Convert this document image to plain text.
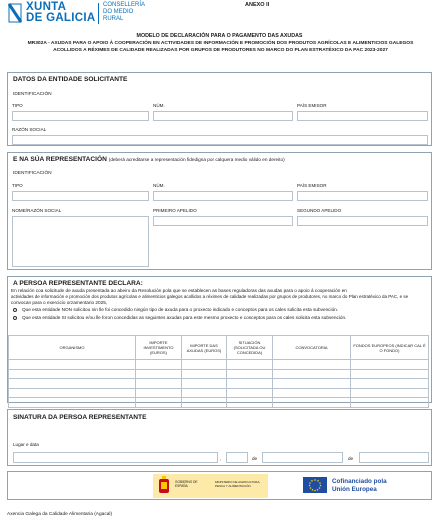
XUNTA
DE GALICIA
CONSELLERÍA
DO MEDIO
RURAL
ANEXO II
MODELO DE DECLARACIÓN PARA O PAGAMENTO DAS AXUDAS
MR302A - AXUDAS PARA O APOIO Á COOPERACIÓN EN ACTIVIDADES DE INFORMACIÓN E PROMOCIÓN DOS PRODUTOS AGRÍCOLAS E ALIMENTICIOS GALEGOS
ACOLLIDOS A RÉXIMES DE CALIDADE REALIZADAS POR GRUPOS DE PRODUTORES NO MARCO DO PLAN ESTRATÉXICO DA PAC 2023-2027
DATOS DA ENTIDADE SOLICITANTE
IDENTIFICACIÓN
TIPO	NÚM.	PAÍS EMISOR
RAZÓN SOCIAL
E NA SÚA REPRESENTACIÓN (deberá acreditarse a representación fidedigna por calquera medio válido en dereito)
IDENTIFICACIÓN
TIPO	NÚM.	PAÍS EMISOR
NOME/RAZÓN SOCIAL	PRIMEIRO APELIDO	SEGUNDO APELIDO
A PERSOA REPRESENTANTE DECLARA:
En relación coa solicitude de axuda presentada ao abeiro da Resolución pola que se establecen as bases reguladoras das axudas para o apoio á cooperación en
actividades de información e promoción dos produtos agrícolas e alimenticios galegos acollidos a réximes de calidade realizadas por grupos de produtores, no marco do Plan estratéxico da PAC, e se
convocan para o exercicio orzamentario 2025,
Que esta entidade NON solicitou nin lle foi concedido ningún tipo de axuda para o proxecto indicado e conceptos para os cales solicita esta subvención.
Que esta entidade SI solicitou e/ou lle foron concedidas as seguintes axudas para este mesmo proxecto e conceptos para os cales solicita esta subvención.
ORGANISMO	IMPORTE INVESTIMENTO (EUROS)	IMPORTE DAS AXUDAS (EUROS)	SITUACIÓN (SOLICITADA OU CONCEDIDA)	CONVOCATORIA	FONDOS EUROPEOS (INDICAR CAL É O FONDO)

SINATURA DA PERSOA REPRESENTANTE
Lugar e data
,	de	de
GOBIERNO DE ESPAÑA
MINISTERIO DE AGRICULTURA, PESCA Y ALIMENTACIÓN
Cofinanciado pola
Unión Europea
Axencia Galega da Calidade Alimentaria (Agacal)
